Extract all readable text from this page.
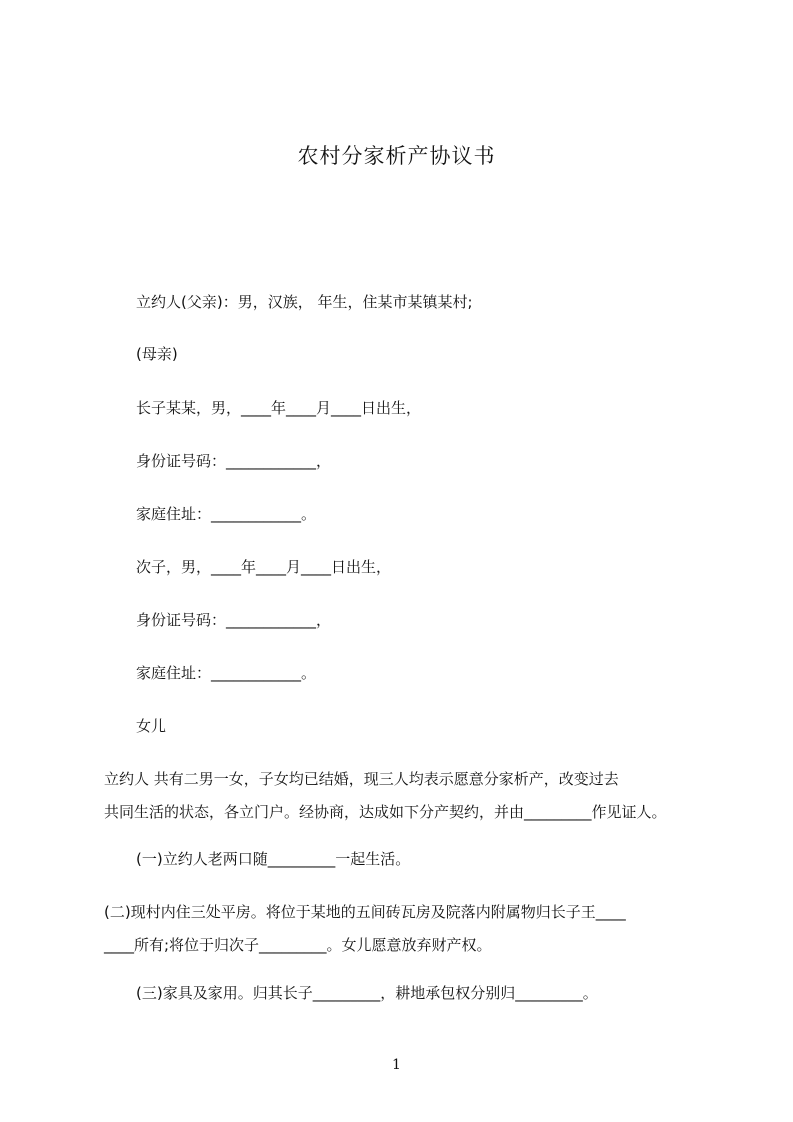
农村分家析产协议书
立约人(父亲)：男，汉族， 年生，住某市某镇某村;
(母亲)
长子某某，男，____年____月____日出生，
身份证号码：____________，
家庭住址：____________。
次子，男，____年____月____日出生，
身份证号码：____________，
家庭住址：____________。
女儿
立约人 共有二男一女，子女均已结婚，现三人均表示愿意分家析产，改变过去
共同生活的状态，各立门户。经协商，达成如下分产契约，并由_________作见证人。
(一)立约人老两口随_________一起生活。
(二)现村内住三处平房。将位于某地的五间砖瓦房及院落内附属物归长子王____
____所有;将位于归次子_________。女儿愿意放弃财产权。
(三)家具及家用。归其长子_________，耕地承包权分别归_________。
1
